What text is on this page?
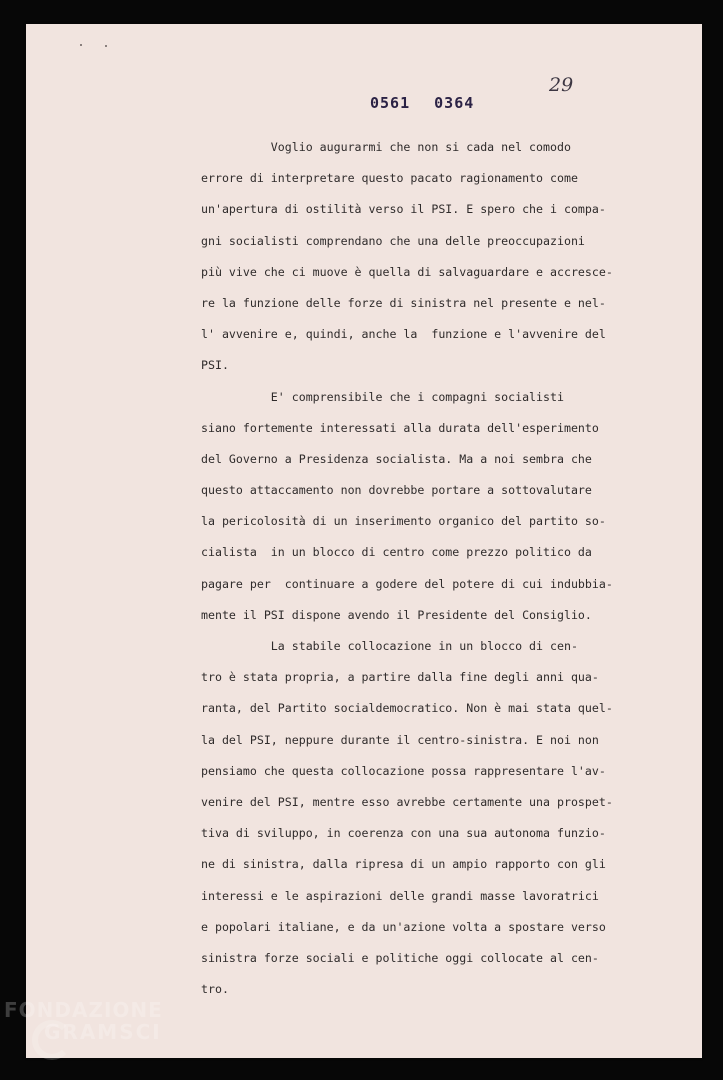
0561 0364
29
Voglio augurarmi che non si cada nel comodo
errore di interpretare questo pacato ragionamento come
un'apertura di ostilità verso il PSI. E spero che i compa-
gni socialisti comprendano che una delle preoccupazioni
più vive che ci muove è quella di salvaguardare e accresce-
re la funzione delle forze di sinistra nel presente e nel-
l' avvenire e, quindi, anche la  funzione e l'avvenire del
PSI.
E' comprensibile che i compagni socialisti
siano fortemente interessati alla durata dell'esperimento
del Governo a Presidenza socialista. Ma a noi sembra che
questo attaccamento non dovrebbe portare a sottovalutare
la pericolosità di un inserimento organico del partito so-
cialista  in un blocco di centro come prezzo politico da
pagare per  continuare a godere del potere di cui indubbia-
mente il PSI dispone avendo il Presidente del Consiglio.
La stabile collocazione in un blocco di cen-
tro è stata propria, a partire dalla fine degli anni qua-
ranta, del Partito socialdemocratico. Non è mai stata quel-
la del PSI, neppure durante il centro-sinistra. E noi non
pensiamo che questa collocazione possa rappresentare l'av-
venire del PSI, mentre esso avrebbe certamente una prospet-
tiva di sviluppo, in coerenza con una sua autonoma funzio-
ne di sinistra, dalla ripresa di un ampio rapporto con gli
interessi e le aspirazioni delle grandi masse lavoratrici
e popolari italiane, e da un'azione volta a spostare verso
sinistra forze sociali e politiche oggi collocate al cen-
tro.
FONDAZIONE
GRAMSCI
